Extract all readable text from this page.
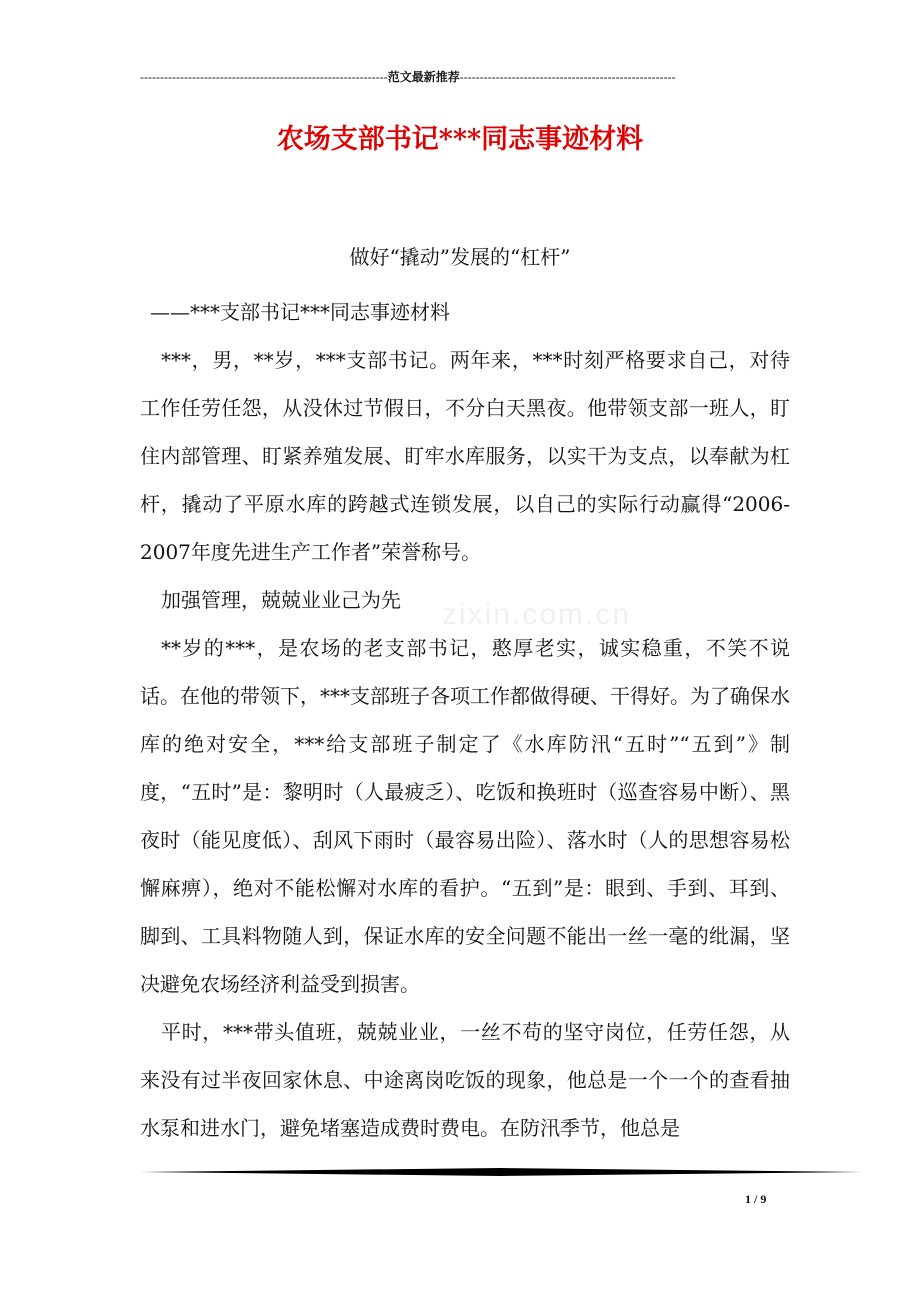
--------------------------------------------------------------范文最新推荐------------------------------------------------------
农场支部书记***同志事迹材料
做好“撬动”发展的“杠杆”
zixin.com.cn

——***支部书记***同志事迹材料

***，男，**岁，***支部书记。两年来，***时刻严格要求自己，对待工作任劳任怨，从没休过节假日，不分白天黑夜。他带领支部一班人，盯住内部管理、盯紧养殖发展、盯牢水库服务，以实干为支点，以奉献为杠杆，撬动了平原水库的跨越式连锁发展，以自己的实际行动赢得“2006-2007年度先进生产工作者”荣誉称号。

加强管理，兢兢业业己为先

**岁的***，是农场的老支部书记，憨厚老实，诚实稳重，不笑不说话。在他的带领下，***支部班子各项工作都做得硬、干得好。为了确保水库的绝对安全，***给支部班子制定了《水库防汛“五时”“五到”》制度，“五时”是：黎明时（人最疲乏）、吃饭和换班时（巡查容易中断）、黑夜时（能见度低）、刮风下雨时（最容易出险）、落水时（人的思想容易松懈麻痹），绝对不能松懈对水库的看护。“五到”是：眼到、手到、耳到、脚到、工具料物随人到，保证水库的安全问题不能出一丝一毫的纰漏，坚决避免农场经济利益受到损害。

平时，***带头值班，兢兢业业，一丝不苟的坚守岗位，任劳任怨，从来没有过半夜回家休息、中途离岗吃饭的现象，他总是一个一个的查看抽水泵和进水门，避免堵塞造成费时费电。在防汛季节，他总是

1 / 9
